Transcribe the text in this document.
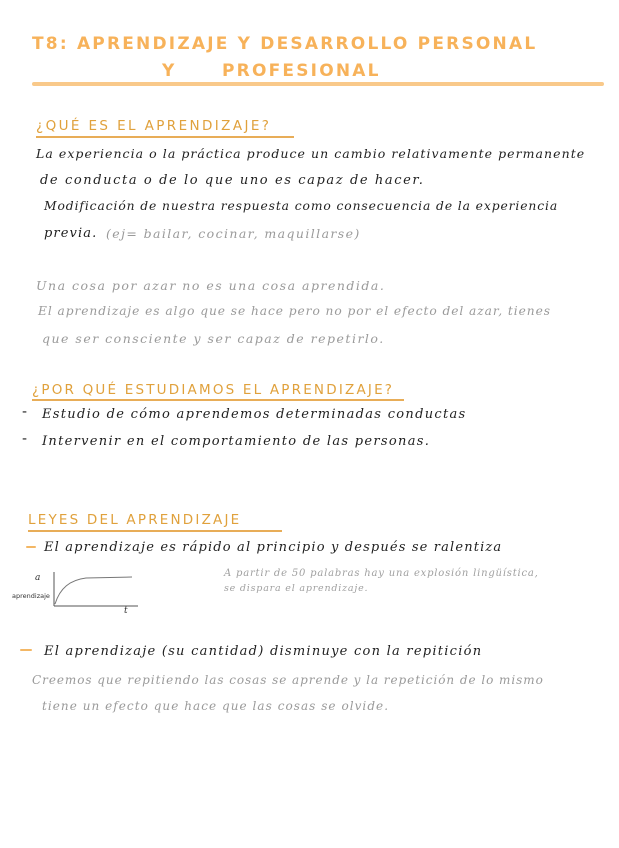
T8: APRENDIZAJE Y DESARROLLO PERSONAL
Y	PROFESIONAL
¿QUÉ ES EL APRENDIZAJE?
La experiencia o la práctica produce un cambio relativamente permanente
de conducta o de lo que uno es capaz de hacer.
Modificación de nuestra respuesta como consecuencia de la experiencia
previa. (ej= bailar, cocinar, maquillarse)
Una cosa por azar no es una cosa aprendida.
El aprendizaje es algo que se hace pero no por el efecto del azar, tienes
que ser consciente y ser capaz de repetirlo.
¿POR QUÉ ESTUDIAMOS EL APRENDIZAJE?
- Estudio de cómo aprendemos determinadas conductas
- Intervenir en el comportamiento de las personas.
LEYES DEL APRENDIZAJE
El aprendizaje es rápido al principio y después se ralentiza
a
aprendizaje
t
A partir de 50 palabras hay una explosión lingüística,
se dispara el aprendizaje.
El aprendizaje (su cantidad) disminuye con la repitición
Creemos que repitiendo las cosas se aprende y la repetición de lo mismo
tiene un efecto que hace que las cosas se olvide.
